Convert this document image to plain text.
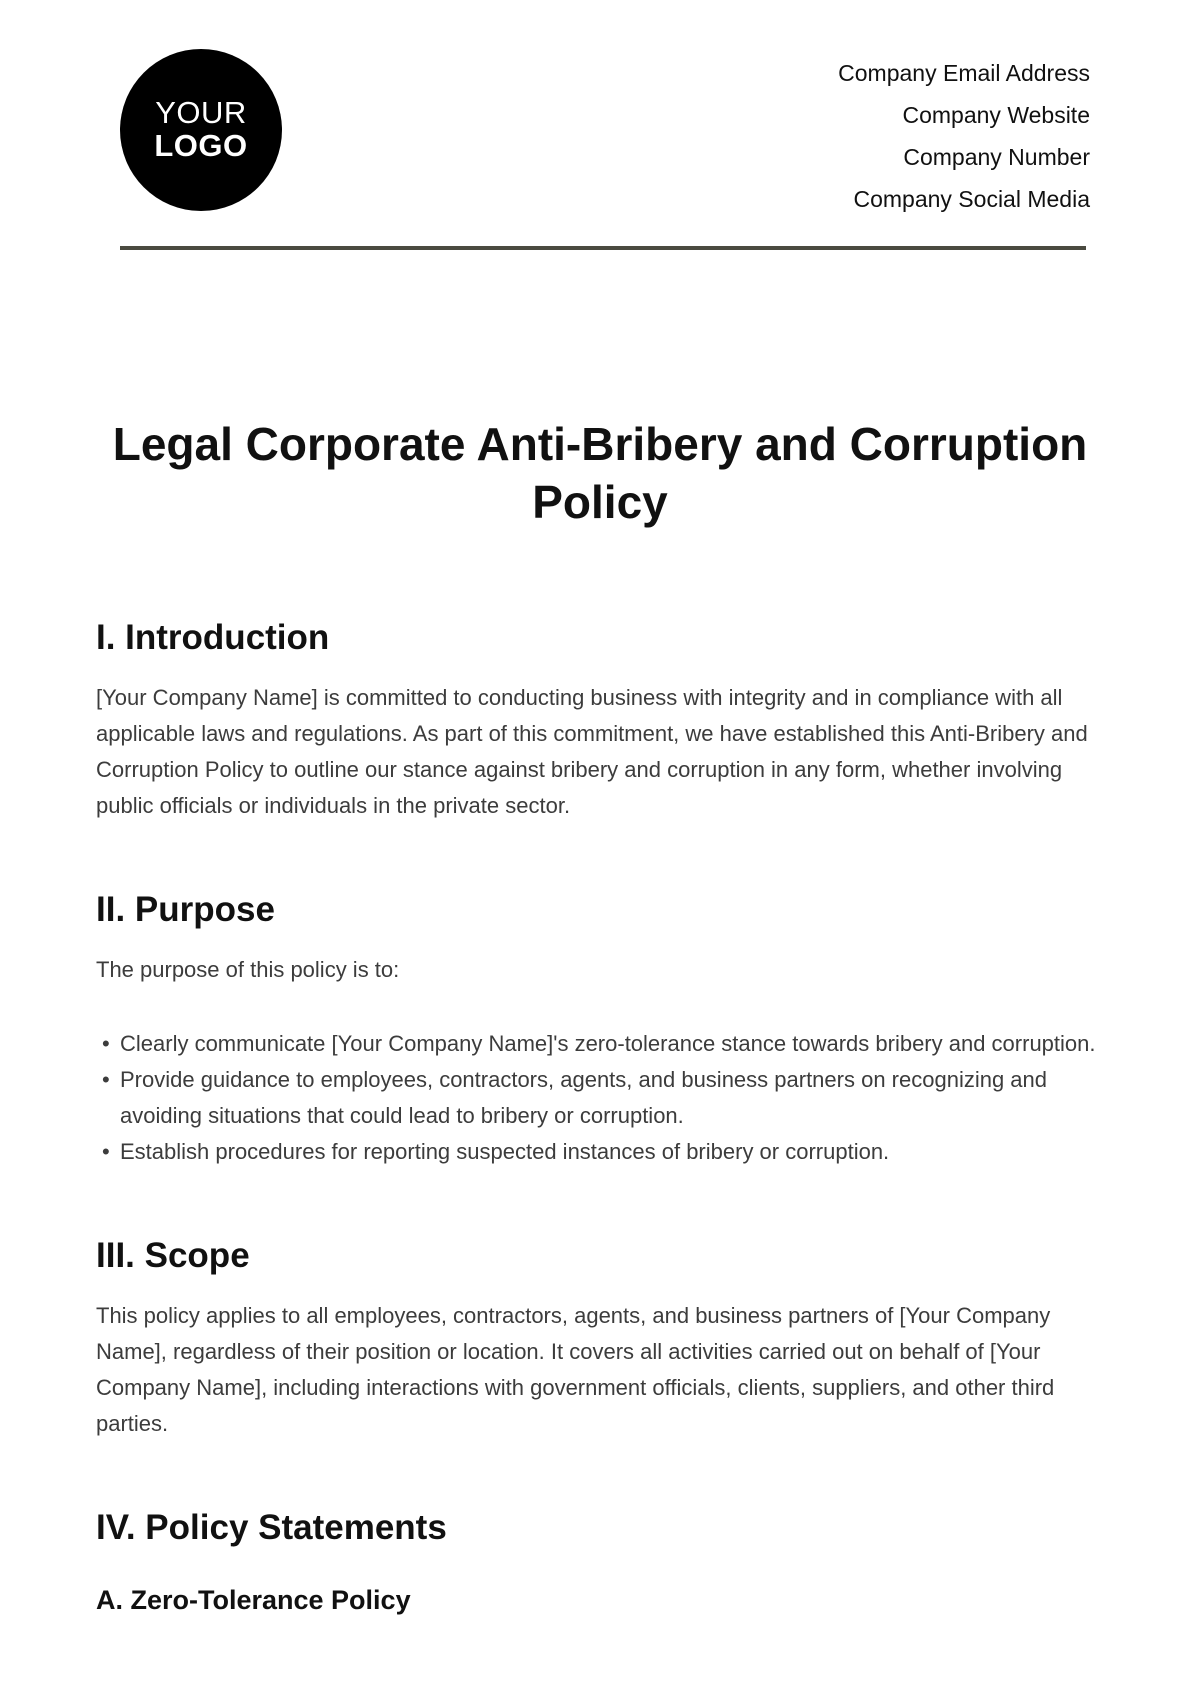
YOUR
LOGO
Company Email Address
Company Website
Company Number
Company Social Media
Legal Corporate Anti-Bribery and Corruption Policy
I. Introduction

[Your Company Name] is committed to conducting business with integrity and in compliance with all applicable laws and regulations. As part of this commitment, we have established this Anti-Bribery and Corruption Policy to outline our stance against bribery and corruption in any form, whether involving public officials or individuals in the private sector.

II. Purpose

The purpose of this policy is to:

• Clearly communicate [Your Company Name]'s zero-tolerance stance towards bribery and corruption.
• Provide guidance to employees, contractors, agents, and business partners on recognizing and avoiding situations that could lead to bribery or corruption.
• Establish procedures for reporting suspected instances of bribery or corruption.
III. Scope

This policy applies to all employees, contractors, agents, and business partners of [Your Company Name], regardless of their position or location. It covers all activities carried out on behalf of [Your Company Name], including interactions with government officials, clients, suppliers, and other third parties.

IV. Policy Statements
A. Zero-Tolerance Policy
